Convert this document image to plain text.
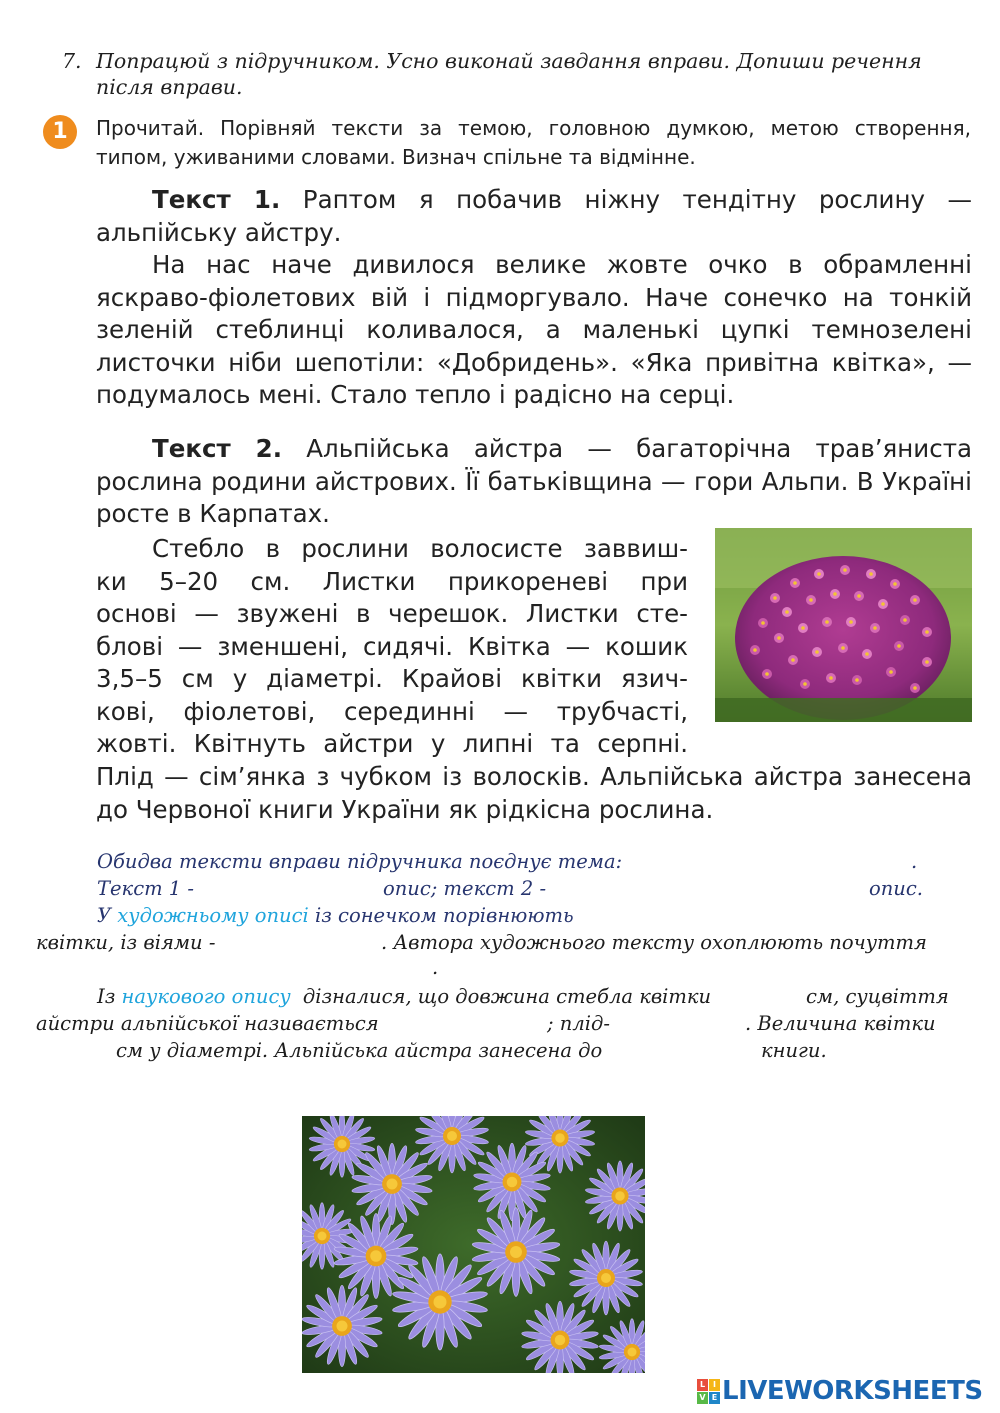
7. Попрацюй з підручником. Усно виконай завдання вправи. Допиши речення після вправи.
1	Прочитай. Порівняй тексти за темою, головною думкою, метою створення, типом, уживаними словами. Визнач спільне та відмінне.
Текст 1. Раптом я побачив ніжну тендітну рослину — альпійську айстру.
На нас наче дивилося велике жовте очко в обрамленні яскраво-фіолетових вій і підморгувало. Наче сонечко на тонкій зеленій стеблинці коливалося, а маленькі цупкі темнозелені листочки ніби шепотіли: «Добридень». «Яка привітна квітка», — подумалось мені. Стало тепло і радісно на серці.
Текст 2. Альпійська айстра — багаторічна трав’яниста рослина родини айстрових. Її батьківщина — гори Альпи. В Україні росте в Карпатах.
Стебло в рослини волосисте заввиш-
ки 5–20 см. Листки прикореневі при
основі — звужені в черешок. Листки сте-
блові — зменшені, сидячі. Квітка — кошик
3,5–5 см у діаметрі. Крайові квітки язич-
кові, фіолетові, серединні — трубчасті,
жовті. Квітнуть айстри у липні та серпні.
Плід — сім’янка з чубком із волосків. Альпійська айстра занесена до Червоної книги України як рідкісна рослина.
Обидва тексти вправи підручника поєднує тема:	.
Текст 1 -	опис; текст 2 -	опис.
У художньому описі із сонечком порівнюють
квітки, із віями -	. Автора художнього тексту охоплюють почуття
.
Із наукового опису дізналися, що довжина стебла квітки	см, суцвіття
айстри альпійської називається	; плід-	. Величина квітки
см у діаметрі. Альпійська айстра занесена до	книги.
L I
V E LIVEWORKSHEETS
